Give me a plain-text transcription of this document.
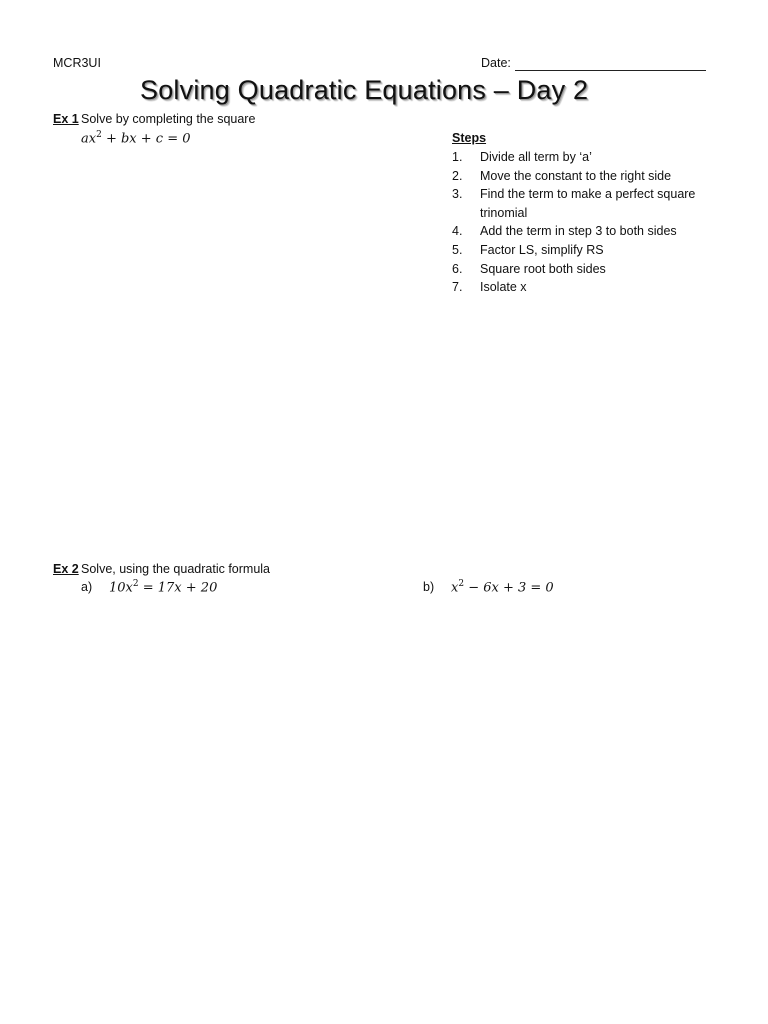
MCR3UI	Date:
Solving Quadratic Equations – Day 2
Ex 1 Solve by completing the square
$ax^2$ + bx + c = 0	Steps
1. Divide all term by ‘a’
2. Move the constant to the right side
3. Find the term to make a perfect square trinomial
4. Add the term in step 3 to both sides
5. Factor LS, simplify RS
6. Square root both sides
7. Isolate x
Ex 2 Solve, using the quadratic formula
a) $10x^2 = 17x + 20$	b) $x^2 - 6x + 3 = 0$
